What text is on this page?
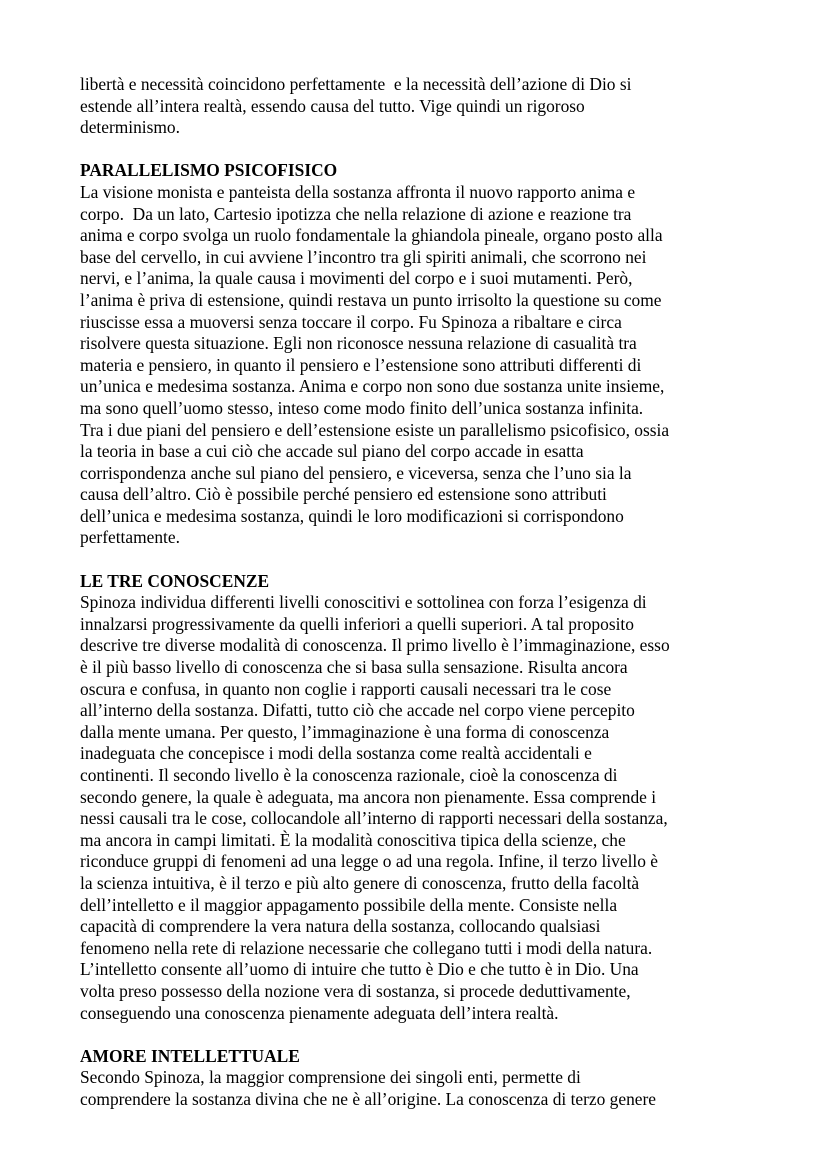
libertà e necessità coincidono perfettamente  e la necessità dell’azione di Dio si
estende all’intera realtà, essendo causa del tutto. Vige quindi un rigoroso
determinismo.
PARALLELISMO PSICOFISICO
La visione monista e panteista della sostanza affronta il nuovo rapporto anima e
corpo.  Da un lato, Cartesio ipotizza che nella relazione di azione e reazione tra
anima e corpo svolga un ruolo fondamentale la ghiandola pineale, organo posto alla
base del cervello, in cui avviene l’incontro tra gli spiriti animali, che scorrono nei
nervi, e l’anima, la quale causa i movimenti del corpo e i suoi mutamenti. Però,
l’anima è priva di estensione, quindi restava un punto irrisolto la questione su come
riuscisse essa a muoversi senza toccare il corpo. Fu Spinoza a ribaltare e circa
risolvere questa situazione. Egli non riconosce nessuna relazione di casualità tra
materia e pensiero, in quanto il pensiero e l’estensione sono attributi differenti di
un’unica e medesima sostanza. Anima e corpo non sono due sostanza unite insieme,
ma sono quell’uomo stesso, inteso come modo finito dell’unica sostanza infinita.
Tra i due piani del pensiero e dell’estensione esiste un parallelismo psicofisico, ossia
la teoria in base a cui ciò che accade sul piano del corpo accade in esatta
corrispondenza anche sul piano del pensiero, e viceversa, senza che l’uno sia la
causa dell’altro. Ciò è possibile perché pensiero ed estensione sono attributi
dell’unica e medesima sostanza, quindi le loro modificazioni si corrispondono
perfettamente.
LE TRE CONOSCENZE
Spinoza individua differenti livelli conoscitivi e sottolinea con forza l’esigenza di
innalzarsi progressivamente da quelli inferiori a quelli superiori. A tal proposito
descrive tre diverse modalità di conoscenza. Il primo livello è l’immaginazione, esso
è il più basso livello di conoscenza che si basa sulla sensazione. Risulta ancora
oscura e confusa, in quanto non coglie i rapporti causali necessari tra le cose
all’interno della sostanza. Difatti, tutto ciò che accade nel corpo viene percepito
dalla mente umana. Per questo, l’immaginazione è una forma di conoscenza
inadeguata che concepisce i modi della sostanza come realtà accidentali e
continenti. Il secondo livello è la conoscenza razionale, cioè la conoscenza di
secondo genere, la quale è adeguata, ma ancora non pienamente. Essa comprende i
nessi causali tra le cose, collocandole all’interno di rapporti necessari della sostanza,
ma ancora in campi limitati. È la modalità conoscitiva tipica della scienze, che
riconduce gruppi di fenomeni ad una legge o ad una regola. Infine, il terzo livello è
la scienza intuitiva, è il terzo e più alto genere di conoscenza, frutto della facoltà
dell’intelletto e il maggior appagamento possibile della mente. Consiste nella
capacità di comprendere la vera natura della sostanza, collocando qualsiasi
fenomeno nella rete di relazione necessarie che collegano tutti i modi della natura.
L’intelletto consente all’uomo di intuire che tutto è Dio e che tutto è in Dio. Una
volta preso possesso della nozione vera di sostanza, si procede deduttivamente,
conseguendo una conoscenza pienamente adeguata dell’intera realtà.
AMORE INTELLETTUALE
Secondo Spinoza, la maggior comprensione dei singoli enti, permette di
comprendere la sostanza divina che ne è all’origine. La conoscenza di terzo genere
